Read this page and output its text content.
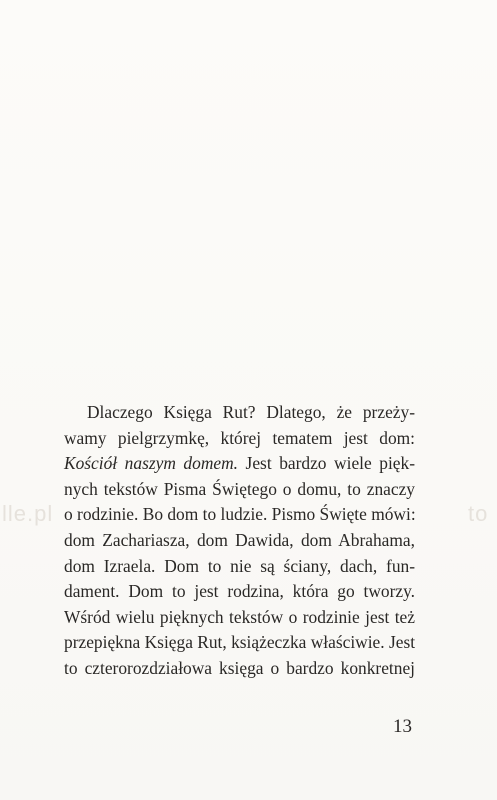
lle.pl	to
Dlaczego Księga Rut? Dlatego, że przeży-
wamy pielgrzymkę, której tematem jest dom:
Kościół naszym domem. Jest bardzo wiele pięk-
nych tekstów Pisma Świętego o domu, to znaczy
o rodzinie. Bo dom to ludzie. Pismo Święte mówi:
dom Zachariasza, dom Dawida, dom Abrahama,
dom Izraela. Dom to nie są ściany, dach, fun-
dament. Dom to jest rodzina, która go tworzy.
Wśród wielu pięknych tekstów o rodzinie jest też
przepiękna Księga Rut, książeczka właściwie. Jest
to czterorozdziałowa księga o bardzo konkretnej
13
